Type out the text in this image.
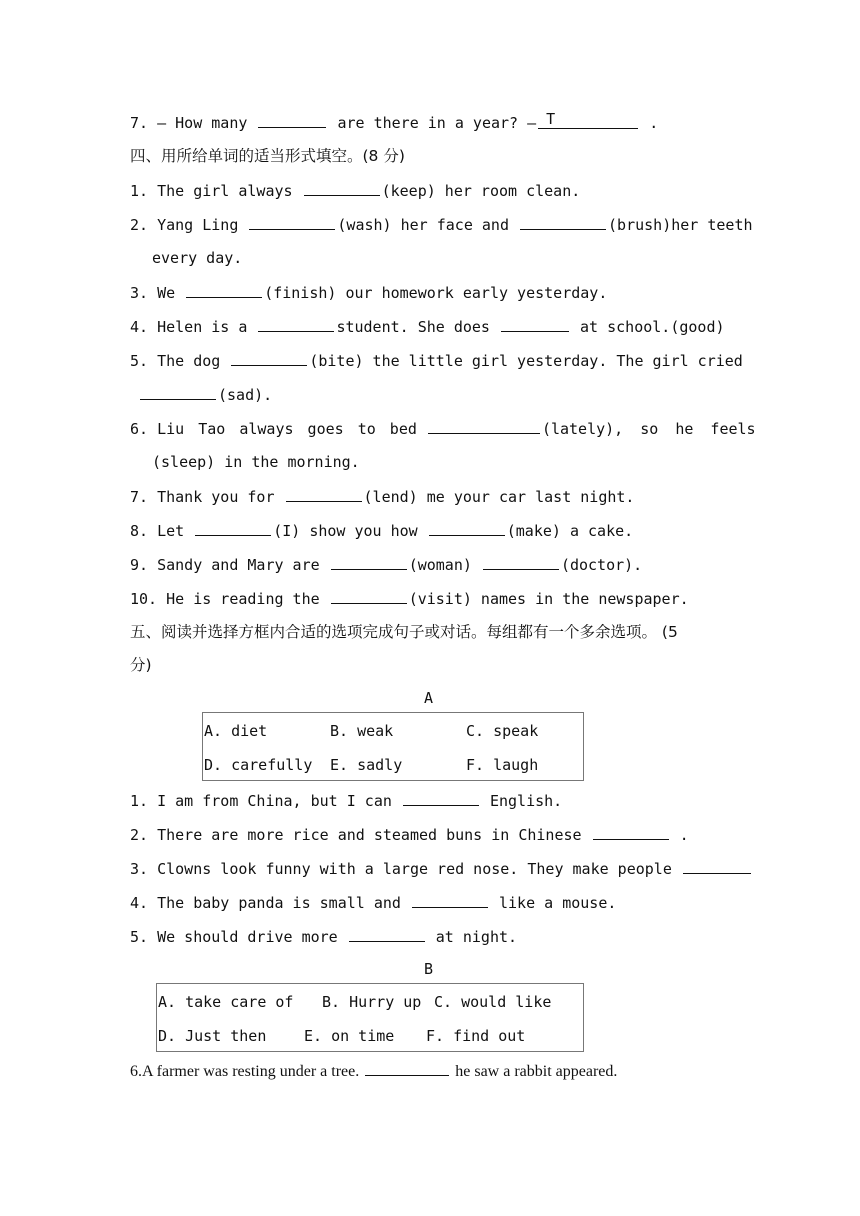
7. — How many	are there in a year? — T	.
四、用所给单词的适当形式填空。(8 分)
1. The girl always	(keep) her room clean.
2. Yang Ling	(wash) her face and	(brush)her teeth
every day.
3. We	(finish) our homework early yesterday.
4. Helen is a	student. She does	at school.(good)
5. The dog	(bite) the little girl yesterday. The girl cried
(sad).
6. Liu Tao always goes to bed	(lately), so he feels
(sleep) in the morning.
7. Thank you for	(lend) me your car last night.
8. Let	(I) show you how	(make) a cake.
9. Sandy and Mary are	(woman)	(doctor).
10. He is reading the	(visit) names in the newspaper.
五、阅读并选择方框内合适的选项完成句子或对话。每组都有一个多余选项。 (5
分)
A
A. diet	B. weak	C. speak
D. carefully E. sadly	F. laugh
1. I am from China, but I can	English.
2. There are more rice and steamed buns in Chinese	.
3. Clowns look funny with a large red nose. They make people
4. The baby panda is small and	like a mouse.
5. We should drive more	at night.
B
A. take care of B. Hurry up C. would like
D. Just then	E. on time F. find out
6.A farmer was resting under a tree.	he saw a rabbit appeared.
